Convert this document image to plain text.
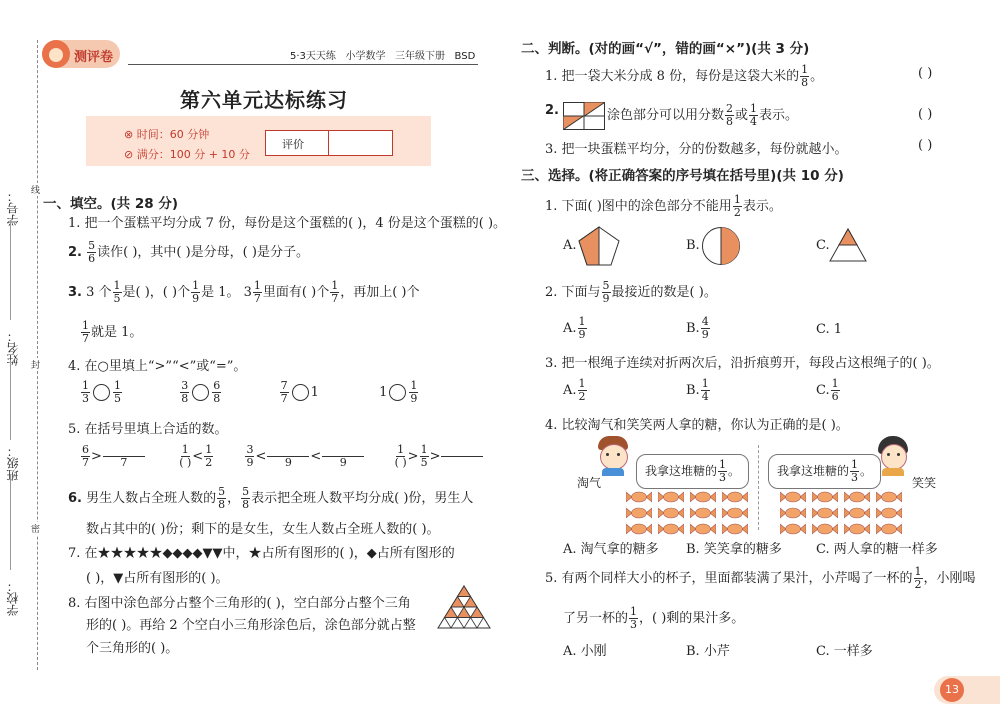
学号：
姓名：
班级：
学校：
线
封
密
测评卷	5·3天天练 小学数学 三年级下册 BSD
第六单元达标练习
⊗ 时间：60 分钟
⊘ 满分：100 分 + 10 分
评价
一、填空。(共 28 分)
1. 把一个蛋糕平均分成 7 份，每份是这个蛋糕的( )，4 份是这个蛋糕的( )。
2. $\frac{5}{6}$ 读作( )，其中( )是分母，( )是分子。
3. 3 个 $\frac{1}{5}$ 是( )，( )个 $\frac{1}{9}$ 是 1。 $3 \frac{1}{7}$ 里面有( )个 $\frac{1}{7}$ ，再加上( )个
$\frac{1}{7}$ 就是 1。
4. 在○里填上“>”“<”或“=”。
$\frac{1}{3} \frac{1}{5}$
	$\frac{3}{8} \frac{6}{8}$
	$\frac{7}{7} 1$	$1 \frac{1}{9}$
5. 在括号里填上合适的数。
$\frac{6}{7}$ >
7
	$\frac{1}{( )} < \frac{1}{2}$
	$\frac{3}{9}$ <
9 <
9
	$\frac{1}{( )} > \frac{1}{5}$ >

6. 男生人数占全班人数的 $\frac{5}{8}$ ， $\frac{5}{8}$ 表示把全班人数平均分成( )份，男生人
数占其中的( )份；剩下的是女生，女生人数占全班人数的( )。
7. 在★★★★★◆◆◆◆▼▼中，★占所有图形的( )，◆占所有图形的
( )，▼占所有图形的( )。
8. 右图中涂色部分占整个三角形的( )，空白部分占整个三角
形的( )。再给 2 个空白小三角形涂色后，涂色部分就占整
个三角形的( )。
二、判断。(对的画“√”，错的画“×”)(共 3 分)
1. 把一袋大米分成 8 份，每份是这袋大米的 $\frac{1}{8}$ 。	( )
2.	涂色部分可以用分数 $\frac{2}{8}$ 或 $\frac{1}{4}$ 表示。	( )
3. 把一块蛋糕平均分，分的份数越多，每份就越小。	( )
三、选择。(将正确答案的序号填在括号里)(共 10 分)
1. 下面( )图中的涂色部分不能用 $\frac{1}{2}$ 表示。
A.	B.	C.
2. 下面与 $\frac{5}{9}$ 最接近的数是( )。
A. $\frac{1}{9}$	B. $\frac{4}{9}$	C. 1
3. 把一根绳子连续对折两次后，沿折痕剪开，每段占这根绳子的( )。
A. $\frac{1}{2}$	B. $\frac{1}{4}$	C. $\frac{1}{6}$
4. 比较淘气和笑笑两人拿的糖，你认为正确的是( )。
淘气
我拿这堆糖的 $\frac{1}{3}$ 。
笑笑
我拿这堆糖的 $\frac{1}{3}$ 。
A. 淘气拿的糖多 B. 笑笑拿的糖多	C. 两人拿的糖一样多
5. 有两个同样大小的杯子，里面都装满了果汁，小芹喝了一杯的 $\frac{1}{2}$ ，小刚喝
了另一杯的 $\frac{1}{3}$ ，( )剩的果汁多。
A. 小刚	B. 小芹	C. 一样多
13
